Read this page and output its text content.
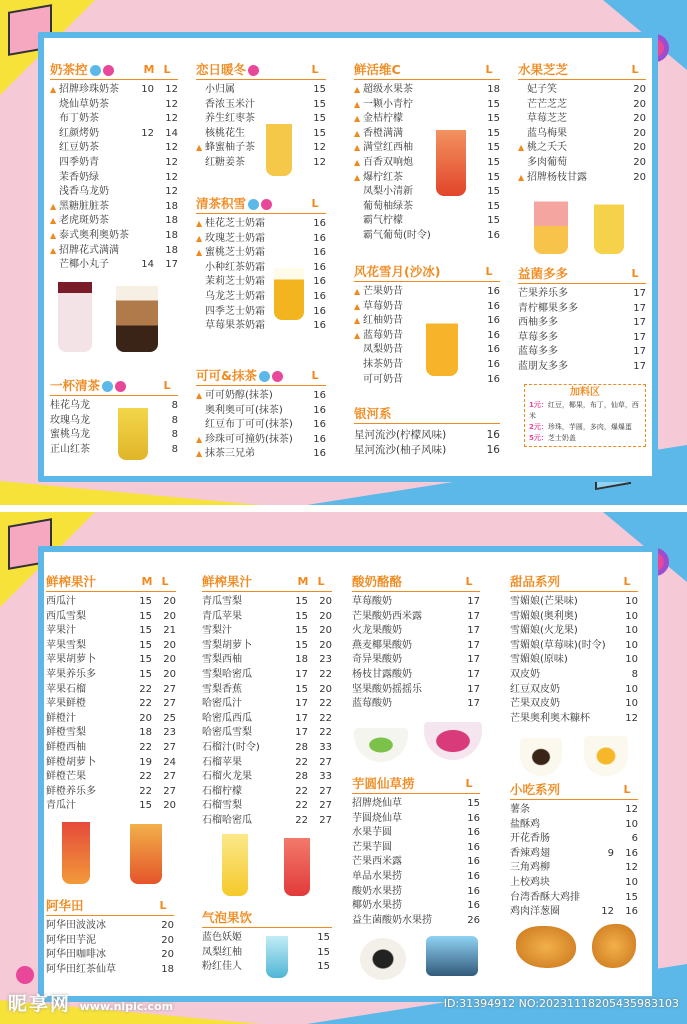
奶茶控	M L
▲ 招牌珍珠奶茶	10	12
烧仙草奶茶	12
布丁奶茶	12
红颜烤奶	12	14
红豆奶茶	12
四季奶青	12
茉香奶绿	12
浅香乌龙奶	12
▲ 黑糖脏脏茶	18
▲ 老虎斑奶茶	18
▲ 泰式奥利奥奶茶	18
▲ 招牌花式满满	18
芒椰小丸子	14	17
一杯清茶	L
桂花乌龙	8
玫瑰乌龙	8
蜜桃乌龙	8
正山红茶	8
恋日暖冬	L
小归属	15
香浓玉米汁	15
养生红枣茶	15
核桃花生	15
▲ 蜂蜜柚子茶	12
红糖姜茶	12
清茶积雪	L
▲ 桂花芝士奶霜	16
▲ 玫瑰芝士奶霜	16
▲ 蜜桃芝士奶霜	16
小种红茶奶霜	16
茉莉芝士奶霜	16
乌龙芝士奶霜	16
四季芝士奶霜	16
草莓果茶奶霜	16
可可&抹茶	L
▲ 可可奶醇(抹茶)	16
奥利奥可可(抹茶)	16
红豆布丁可可(抹茶)	16
▲ 珍珠可可撞奶(抹茶)	16
▲ 抹茶三兄弟	16
鲜活维C	L
▲ 超级水果茶	18
▲ 一颗小青柠	15
▲ 金桔柠檬	15
▲ 香橙满满	15
▲ 满堂红西柚	15
▲ 百香双响炮	15
▲ 爆柠红茶	15
凤梨小清新	15
葡萄柚绿茶	15
霸气柠檬	15
霸气葡萄(时令)	16
风花雪月(沙冰)	L
▲ 芒果奶昔	16
▲ 草莓奶昔	16
▲ 红柚奶昔	16
▲ 蓝莓奶昔	16
凤梨奶昔	16
抹茶奶昔	16
可可奶昔	16
银河系
星河流沙(柠檬风味)	16
星河流沙(柚子风味)	16
水果芝芝	L
妃子笑	20
芒芒芝芝	20
草莓芝芝	20
蓝乌梅果	20
▲ 桃之夭夭	20
多肉葡萄	20
▲ 招牌杨枝甘露	20
益菌多多	L
芒果养乐多	17
青柠椰果多多	17
西柚多多	17
草莓多多	17
蓝莓多多	17
蓝朋友多多	17
加料区
1元：红豆，椰果，布丁，仙草，西米
2元：珍珠，芋圆，多肉，爆爆蛋
5元：芝士奶盖
鲜榨果汁	M L
西瓜汁	15	20
西瓜雪梨	15	20
苹果汁	15	21
苹果雪梨	15	20
苹果胡萝卜	15	20
苹果养乐多	15	20
苹果石榴	22	27
苹果鲜橙	22	27
鲜橙汁	20	25
鲜橙雪梨	18	23
鲜橙西柚	22	27
鲜橙胡萝卜	19	24
鲜橙芒果	22	27
鲜橙养乐多	22	27
青瓜汁	15	20
阿华田	L
阿华田波波冰	20
阿华田芋泥	20
阿华田咖啡冰	20
阿华田红茶仙草	18
鲜榨果汁	M L
青瓜雪梨	15	20
青瓜苹果	15	20
雪梨汁	15	20
雪梨胡萝卜	15	20
雪梨西柚	18	23
雪梨哈密瓜	17	22
雪梨香蕉	15	20
哈密瓜汁	17	22
哈密瓜西瓜	17	22
哈密瓜雪梨	17	22
石榴汁(时令)	28	33
石榴苹果	22	27
石榴火龙果	28	33
石榴柠檬	22	27
石榴雪梨	22	27
石榴哈密瓜	22	27
气泡果饮
蓝色妖姬	15
凤梨红柚	15
粉红佳人	15
酸奶酪酪	L
草莓酸奶	17
芒果酸奶西米露	17
火龙果酸奶	17
燕麦椰果酸奶	17
奇异果酸奶	17
杨枝甘露酸奶	17
坚果酸奶摇摇乐	17
蓝莓酸奶	17
芋圆仙草捞	L
招牌烧仙草	15
芋圆烧仙草	16
水果芋圆	16
芒果芋圆	16
芒果西米露	16
单品水果捞	16
酸奶水果捞	16
椰奶水果捞	16
益生菌酸奶水果捞	26
甜品系列	L
雪媚娘(芒果味)	10
雪媚娘(奥利奥)	10
雪媚娘(火龙果)	10
雪媚娘(草莓味)(时令)	10
雪媚娘(原味)	10
双皮奶	8
红豆双皮奶	10
芒果双皮奶	10
芒果奥利奥木糠杯	12
小吃系列	L
薯条	12
盐酥鸡	10
开花香肠	6
香辣鸡翅	9	16
三角鸡柳	12
上校鸡块	10
台湾香酥大鸡排	15
鸡肉洋葱圈	12	16
昵享网 www.nipic.com	ID:31394912 NO:20231118205435983103
